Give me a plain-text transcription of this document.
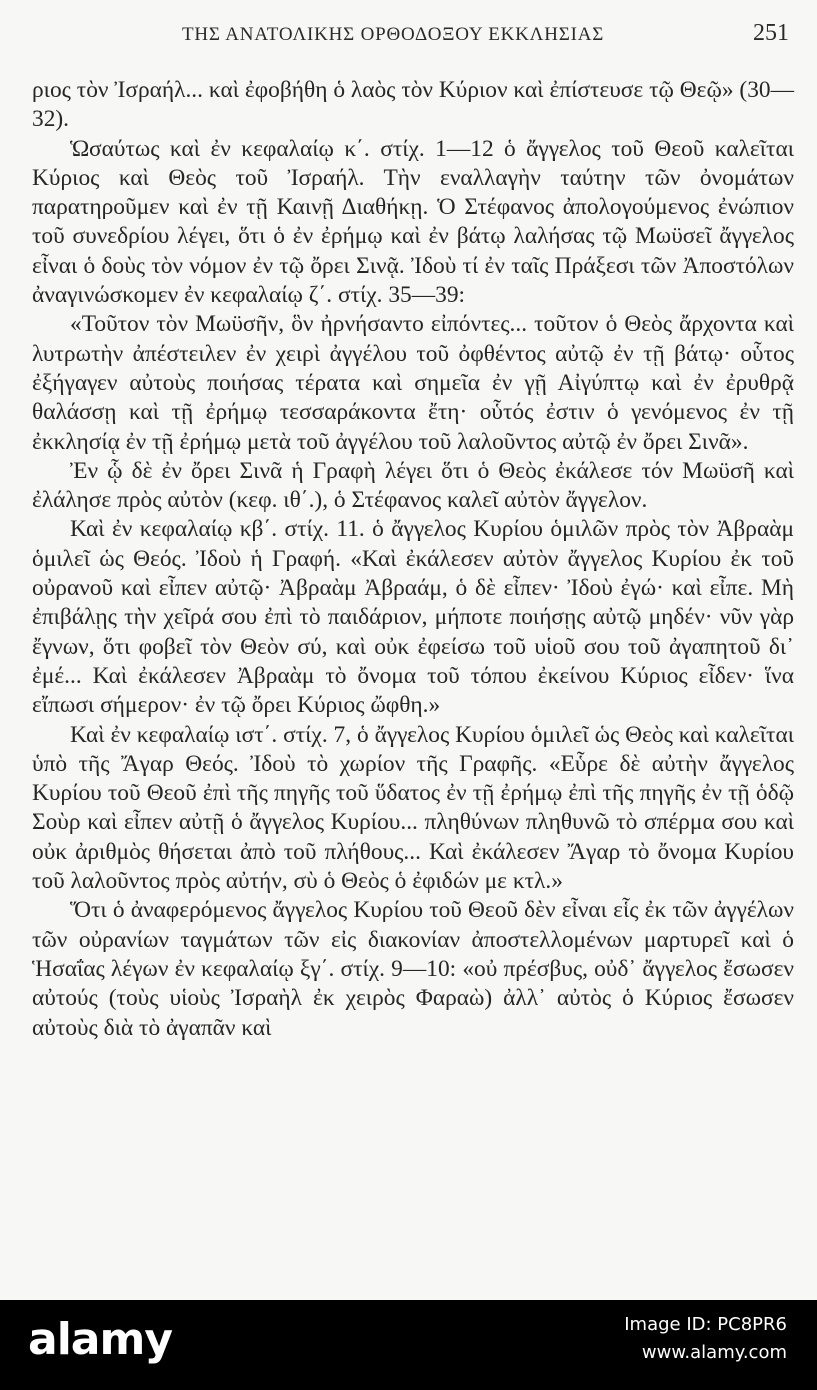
ΤΗΣ ΑΝΑΤΟΛΙΚΗΣ ΟΡΘΟΔΟΞΟΥ ΕΚΚΛΗΣΙΑΣ	251

ριος τὸν Ἰσραήλ... καὶ ἐφοβήθη ὁ λαὸς τὸν Κύριον καὶ ἐπίστευσε τῷ Θεῷ» (30—32).

Ὡσαύτως καὶ ἐν κεφαλαίῳ κ΄. στίχ. 1—12 ὁ ἄγγελος τοῦ Θεοῦ καλεῖται Κύριος καὶ Θεὸς τοῦ Ἰσραήλ. Τὴν εναλλαγὴν ταύτην τῶν ὀνομάτων παρατηροῦμεν καὶ ἐν τῇ Καινῇ Διαθήκῃ. Ὁ Στέφανος ἀπολογούμενος ἐνώπιον τοῦ συνεδρίου λέγει, ὅτι ὁ ἐν ἐρήμῳ καὶ ἐν βάτῳ λαλήσας τῷ Μωϋσεῖ ἄγγελος εἶναι ὁ δοὺς τὸν νόμον ἐν τῷ ὄρει Σινᾷ. Ἰδοὺ τί ἐν ταῖς Πράξεσι τῶν Ἀποστόλων ἀναγινώσκομεν ἐν κεφαλαίῳ ζ΄. στίχ. 35—39:

«Τοῦτον τὸν Μωϋσῆν, ὃν ἠρνήσαντο εἰπόντες... τοῦτον ὁ Θεὸς ἄρχοντα καὶ λυτρωτὴν ἀπέστειλεν ἐν χειρὶ ἀγγέλου τοῦ ὀφθέντος αὐτῷ ἐν τῇ βάτῳ· οὗτος ἐξήγαγεν αὐτοὺς ποιήσας τέρατα καὶ σημεῖα ἐν γῇ Αἰγύπτῳ καὶ ἐν ἐρυθρᾷ θαλάσσῃ καὶ τῇ ἐρήμῳ τεσσαράκοντα ἔτη· οὗτός ἐστιν ὁ γενόμενος ἐν τῇ ἐκκλησίᾳ ἐν τῇ ἐρήμῳ μετὰ τοῦ ἀγγέλου τοῦ λαλοῦντος αὐτῷ ἐν ὄρει Σινᾶ».

Ἐν ᾧ δὲ ἐν ὄρει Σινᾶ ἡ Γραφὴ λέγει ὅτι ὁ Θεὸς ἐκάλεσε τόν Μωϋσῆ καὶ ἐλάλησε πρὸς αὐτὸν (κεφ. ιθ΄.), ὁ Στέφανος καλεῖ αὐτὸν ἄγγελον.

Καὶ ἐν κεφαλαίῳ κβ΄. στίχ. 11. ὁ ἄγγελος Κυρίου ὁμιλῶν πρὸς τὸν Ἀβραὰμ ὁμιλεῖ ὡς Θεός. Ἰδοὺ ἡ Γραφή. «Καὶ ἐκάλεσεν αὐτὸν ἄγγελος Κυρίου ἐκ τοῦ οὐρανοῦ καὶ εἶπεν αὐτῷ· Ἀβραὰμ Ἀβραάμ, ὁ δὲ εἶπεν· Ἰδοὺ ἐγώ· καὶ εἶπε. Μὴ ἐπιβάλῃς τὴν χεῖρά σου ἐπὶ τὸ παιδάριον, μήποτε ποιήσῃς αὐτῷ μηδέν· νῦν γὰρ ἔγνων, ὅτι φοβεῖ τὸν Θεὸν σύ, καὶ οὐκ ἐφείσω τοῦ υἱοῦ σου τοῦ ἀγαπητοῦ δι᾽ ἐμέ... Καὶ ἐκάλεσεν Ἀβραὰμ τὸ ὄνομα τοῦ τόπου ἐκείνου Κύριος εἶδεν· ἵνα εἴπωσι σήμερον· ἐν τῷ ὄρει Κύριος ὤφθη.»

Καὶ ἐν κεφαλαίῳ ιστ΄. στίχ. 7, ὁ ἄγγελος Κυρίου ὁμιλεῖ ὡς Θεὸς καὶ καλεῖται ὑπὸ τῆς Ἄγαρ Θεός. Ἰδοὺ τὸ χωρίον τῆς Γραφῆς. «Εὗρε δὲ αὐτὴν ἄγγελος Κυρίου τοῦ Θεοῦ ἐπὶ τῆς πηγῆς τοῦ ὕδατος ἐν τῇ ἐρήμῳ ἐπὶ τῆς πηγῆς ἐν τῇ ὁδῷ Σοὺρ καὶ εἶπεν αὐτῇ ὁ ἄγγελος Κυρίου... πληθύνων πληθυνῶ τὸ σπέρμα σου καὶ οὐκ ἀριθμὸς θήσεται ἀπὸ τοῦ πλήθους... Καὶ ἐκάλεσεν Ἄγαρ τὸ ὄνομα Κυρίου τοῦ λαλοῦντος πρὸς αὐτήν, σὺ ὁ Θεὸς ὁ ἐφιδών με κτλ.»

Ὅτι ὁ ἀναφερόμενος ἄγγελος Κυρίου τοῦ Θεοῦ δὲν εἶναι εἷς ἐκ τῶν ἀγγέλων τῶν οὐρανίων ταγμάτων τῶν εἰς διακονίαν ἀποστελλομένων μαρτυρεῖ καὶ ὁ Ἡσαΐας λέγων ἐν κεφαλαίῳ ξγ΄. στίχ. 9—10: «οὐ πρέσβυς, οὐδ᾽ ἄγγελος ἔσωσεν αὐτούς (τοὺς υἱοὺς Ἰσραὴλ ἐκ χειρὸς Φαραὼ) ἀλλ᾽ αὐτὸς ὁ Κύριος ἔσωσεν αὐτοὺς διὰ τὸ ἀγαπᾶν καὶ

alamy	Image ID: PC8PR6
www.alamy.com
